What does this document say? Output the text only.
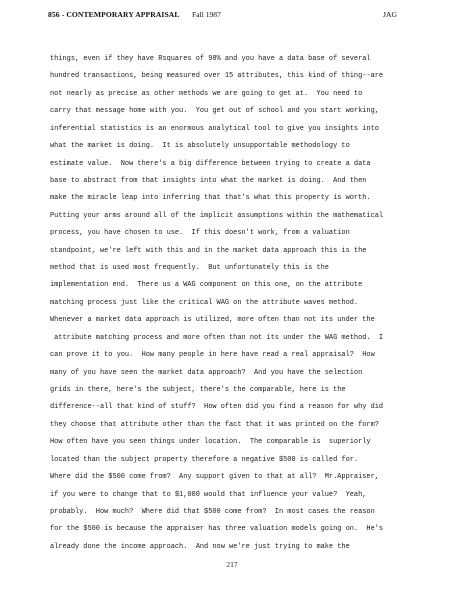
856 - CONTEMPORARY APPRAISAL Fall 1987	JAG
things, even if they have Rsquares of 98% and you have a data base of several
hundred transactions, being measured over 15 attributes, this kind of thing--are
not nearly as precise as other methods we are going to get at.  You need to
carry that message home with you.  You get out of school and you start working,
inferential statistics is an enormous analytical tool to give you insights into
what the market is doing.  It is absolutely unsupportable methodology to
estimate value.  Now there's a big difference between trying to create a data
base to abstract from that insights into what the market is doing.  And then
make the miracle leap into inferring that that's what this property is worth.
Putting your arms around all of the implicit assumptions within the mathematical
process, you have chosen to use.  If this doesn't work, from a valuation
standpoint, we're left with this and in the market data approach this is the
method that is used most frequently.  But unfortunately this is the
implementation end.  There us a WAG component on this one, on the attribute
matching process just like the critical WAG on the attribute waves method.
Whenever a market data approach is utilized, more often than not its under the
attribute matching process and more often than not its under the WAG method.  I
can prove it to you.  How many people in here have read a real appraisal?  How
many of you have seen the market data approach?  And you have the selection
grids in there, here's the subject, there's the comparable, here is the
difference--all that kind of stuff?  How often did you find a reason for why did
they choose that attribute other than the fact that it was printed on the form?
How often have you seen things under location.  The comparable is  superiorly
located than the subject property therefore a negative $500 is called for.
Where did the $500 come from?  Any support given to that at all?  Mr.Appraiser,
if you were to change that to $1,000 would that influence your value?  Yeah,
probably.  How much?  Where did that $500 come from?  In most cases the reason
for the $500 is because the appraiser has three valuation models going on.  He's
already done the income approach.  And now we're just trying to make the
217
